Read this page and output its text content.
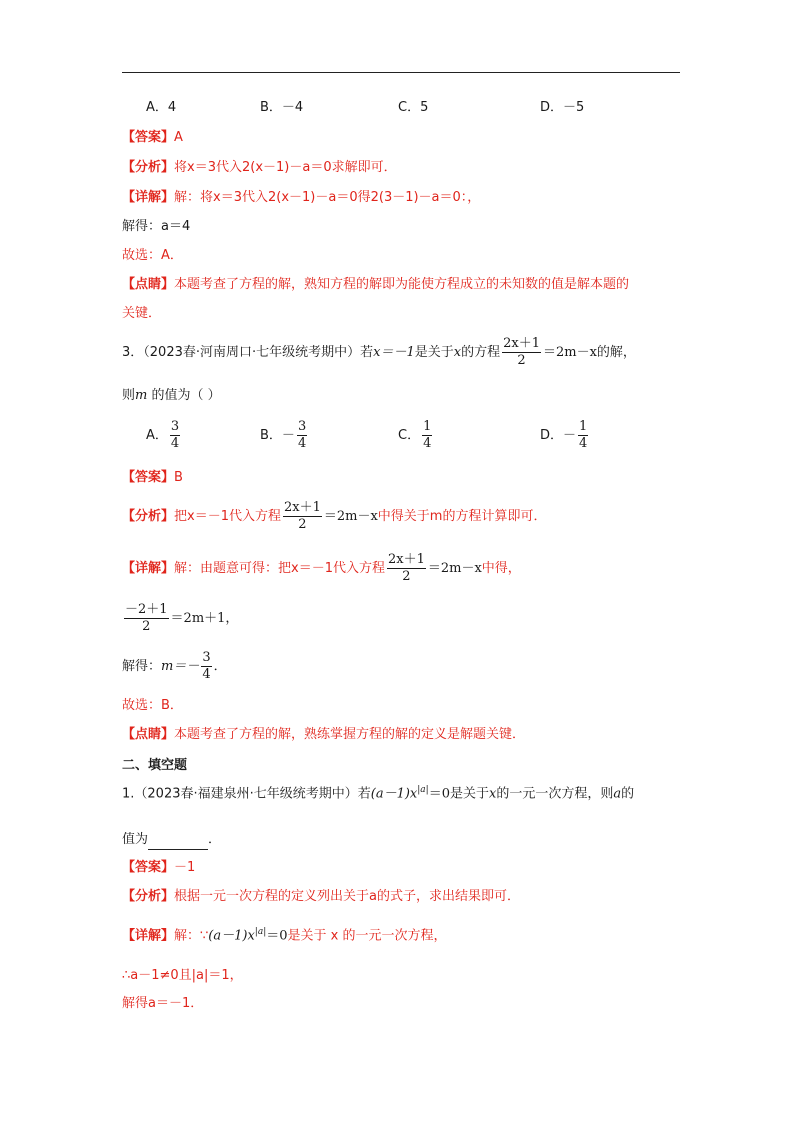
A．4	B．－4	C．5	D．－5
【答案】A
【分析】将x＝3代入2(x－1)－a＝0求解即可．
【详解】解：将x＝3代入2(x－1)－a＝0得2(3－1)－a＝0：，
解得：a＝4
故选：A．
【点睛】本题考查了方程的解，熟知方程的解即为能使方程成立的未知数的值是解本题的
关键．
3．（2023春·河南周口·七年级统考期中）若x＝－1是关于x的方程 $\frac{2x+1}{2} =2m-x$的解，
则m 的值为（ ）
A． $\frac{3}{4}$	B．－ $\frac{3}{4}$	C． $\frac{1}{4}$	D．－ $\frac{1}{4}$
【答案】B
【分析】把x＝－1代入方程 $\frac{2x+1}{2} =2m-x$中得关于m的方程计算即可．
【详解】解：由题意可得：把x＝－1代入方程 $\frac{2x+1}{2} =2m-x$中得，
$\frac{-2+1}{2} =2m+1$，
解得：$m=- \frac{3}{4}$ ．
故选：B．
【点睛】本题考查了方程的解，熟练掌握方程的解的定义是解题关键．
二、填空题
1.（2023春·福建泉州·七年级统考期中）若$(a-1)x^{|a|}=0$是关于x的一元一次方程，则a的
值为	．
【答案】－1
【分析】根据一元一次方程的定义列出关于a的式子，求出结果即可．
【详解】解：$\because(a-1)x^{|a|}=0$是关于 x 的一元一次方程，
∴a－1≠0且|a|＝1，
解得a＝－1．
